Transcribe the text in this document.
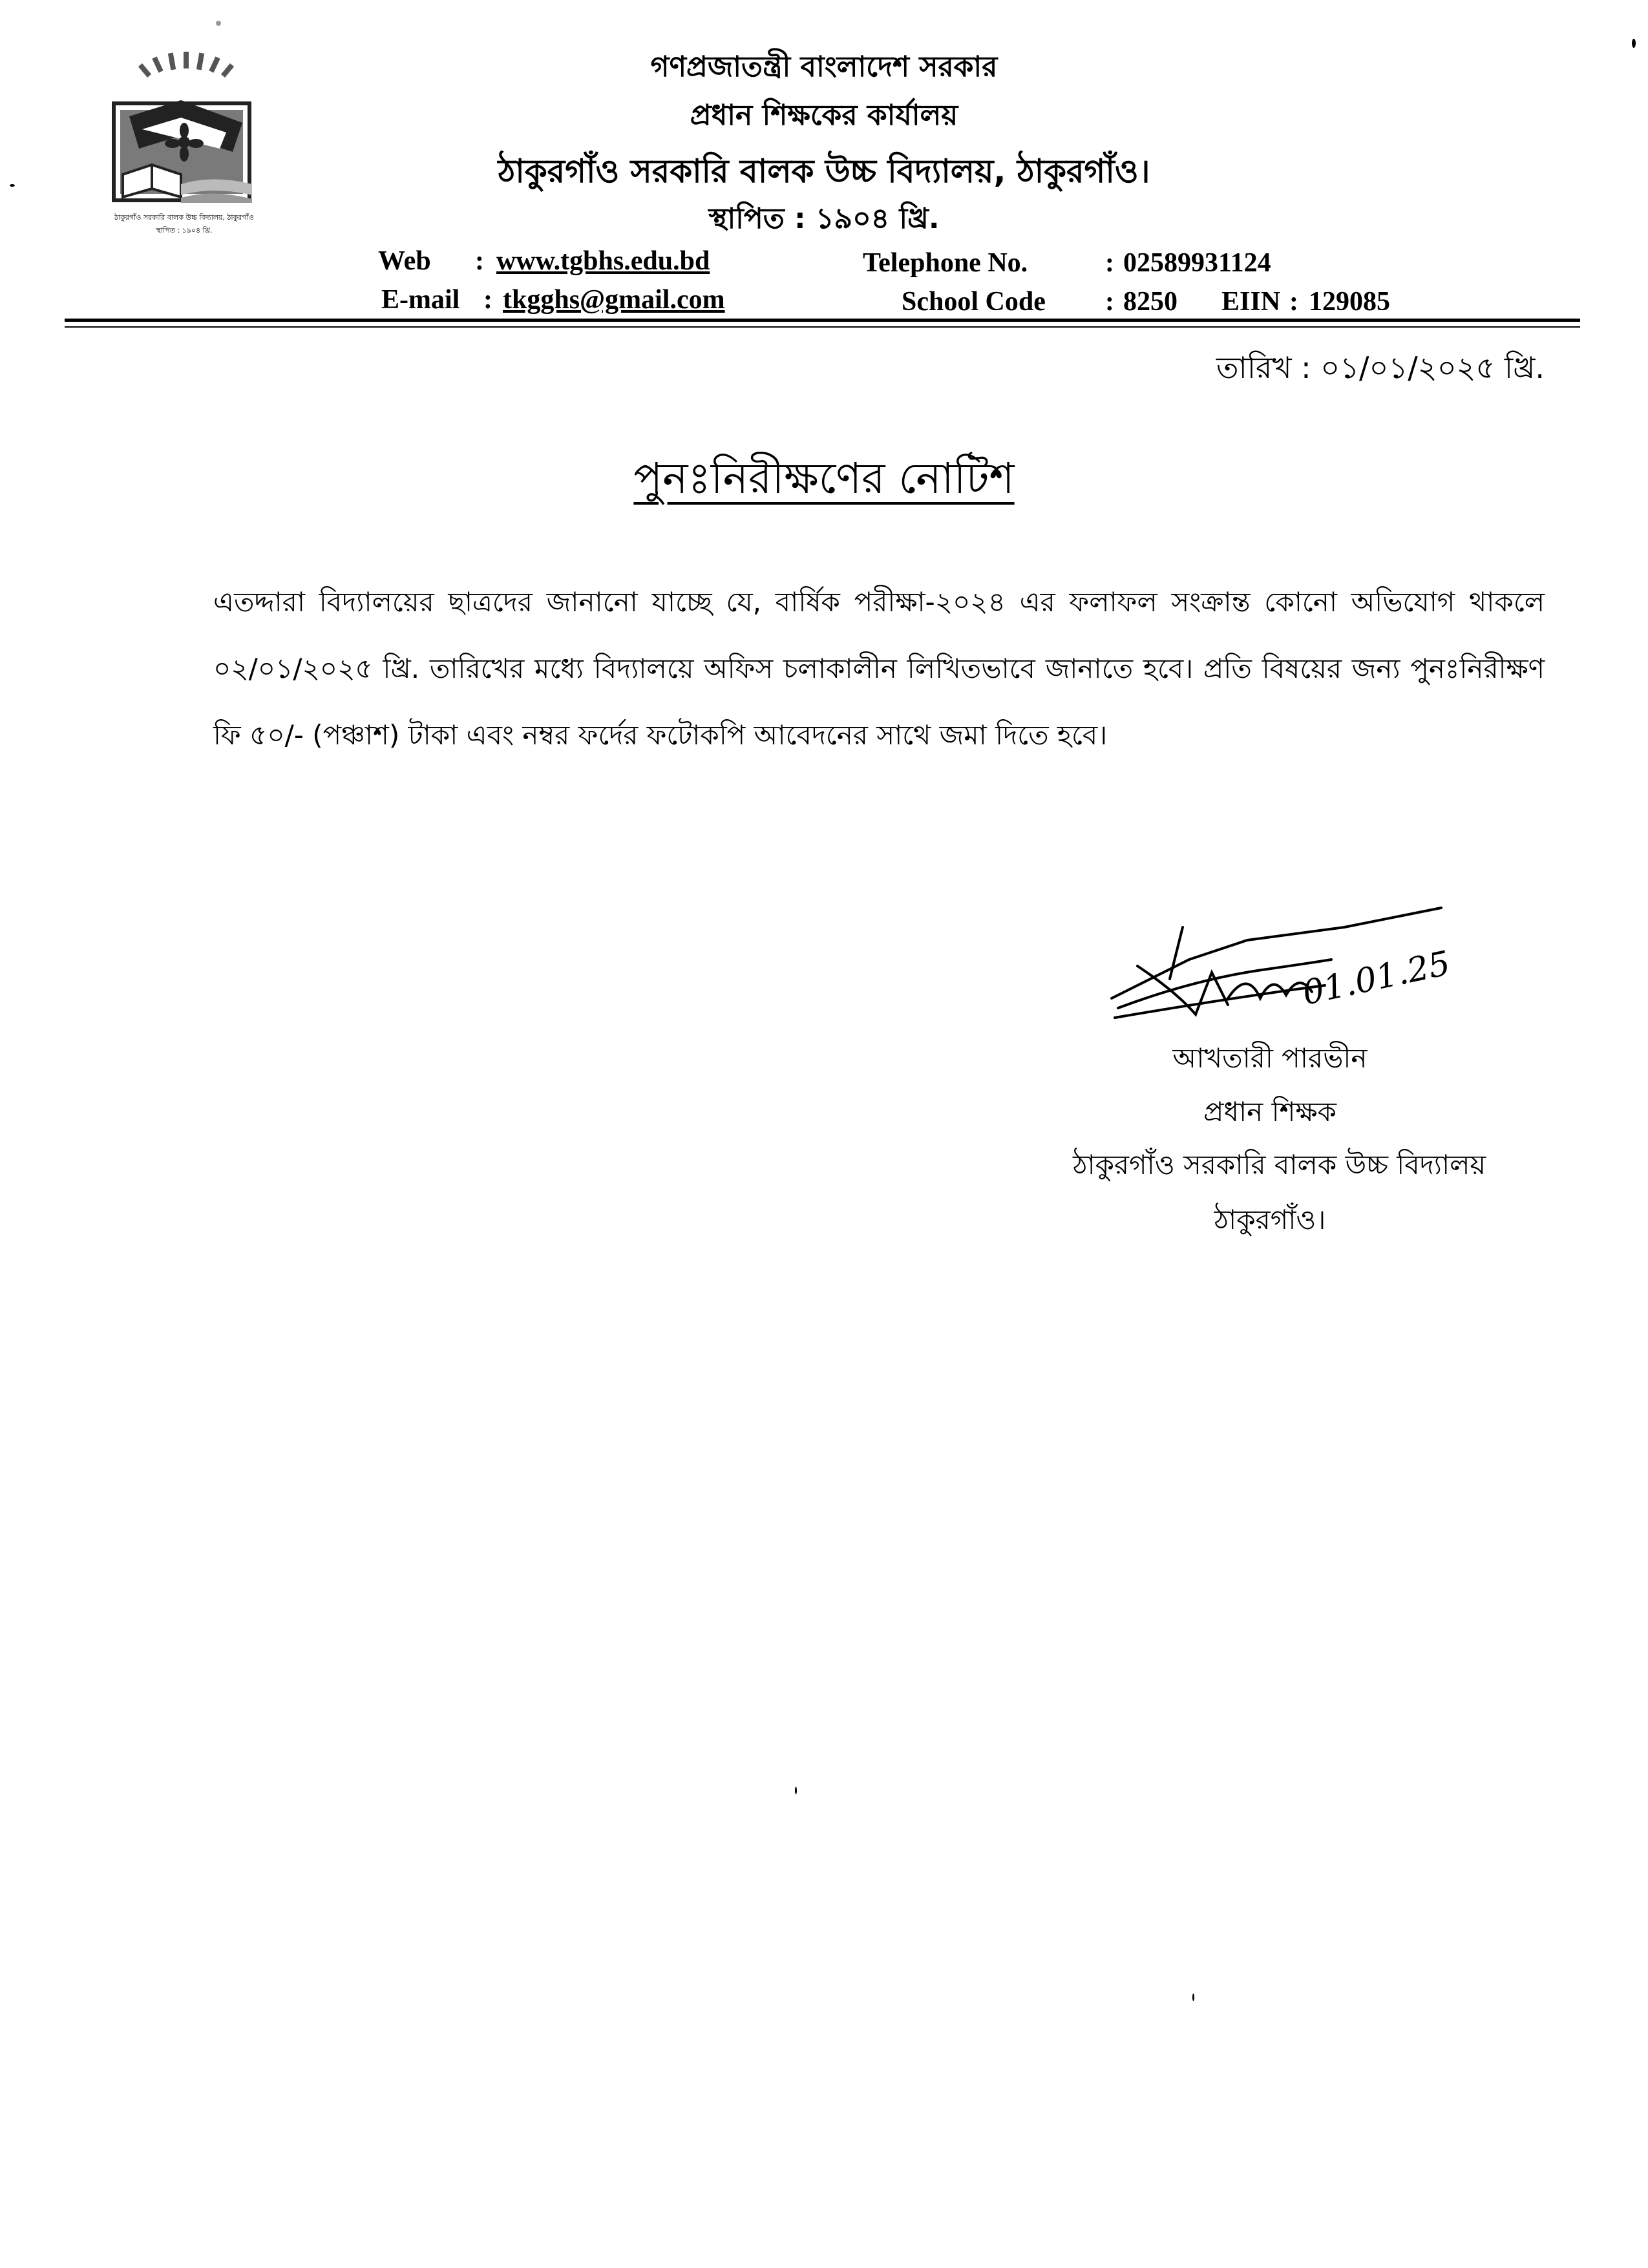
ঠাকুরগাঁও সরকারি বালক উচ্চ বিদ্যালয়, ঠাকুরগাঁও
স্থাপিত : ১৯০৪ খ্রি.
গণপ্রজাতন্ত্রী বাংলাদেশ সরকার
প্রধান শিক্ষকের কার্যালয়
ঠাকুরগাঁও সরকারি বালক উচ্চ বিদ্যালয়, ঠাকুরগাঁও।
স্থাপিত : ১৯০৪ খ্রি.
Web : www.tgbhs.edu.bd
E-mail : tkgghs@gmail.com
Telephone No.	: 02589931124
School Code : 8250 EIIN : 129085
তারিখ : ০১/০১/২০২৫ খ্রি.
পুনঃনিরীক্ষণের নোটিশ
এতদ্দারা বিদ্যালয়ের ছাত্রদের জানানো যাচ্ছে যে, বার্ষিক পরীক্ষা-২০২৪ এর ফলাফল সংক্রান্ত কোনো অভিযোগ থাকলে ০২/০১/২০২৫ খ্রি. তারিখের মধ্যে বিদ্যালয়ে অফিস চলাকালীন লিখিতভাবে জানাতে হবে। প্রতি বিষয়ের জন্য পুনঃনিরীক্ষণ ফি ৫০/- (পঞ্চাশ) টাকা এবং নম্বর ফর্দের ফটোকপি আবেদনের সাথে জমা দিতে হবে।
01.01.25
আখতারী পারভীন
প্রধান শিক্ষক
ঠাকুরগাঁও সরকারি বালক উচ্চ বিদ্যালয়
ঠাকুরগাঁও।
